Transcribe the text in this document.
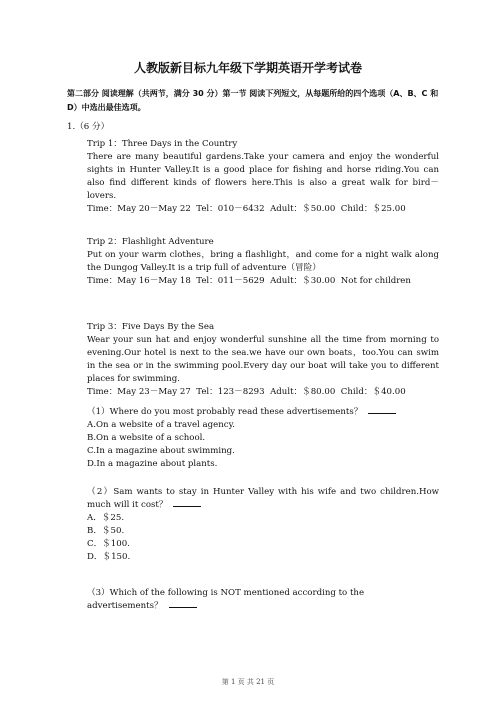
人教版新目标九年级下学期英语开学考试卷
第二部分 阅读理解（共两节，满分 30 分）第一节 阅读下列短文，从每题所给的四个选项（A、B、C 和 D）中选出最佳选项。
1.（6 分）

Trip 1：Three Days in the Country

There are many beautiful gardens.Take your camera and enjoy the wonderful sights in Hunter Valley.It is a good place for fishing and horse riding.You can also find different kinds of flowers here.This is also a great walk for bird－lovers.

Time：May 20－May 22  Tel：010－6432  Adult：＄50.00  Child：＄25.00

Trip 2：Flashlight Adventure

Put on your warm clothes，bring a flashlight，and come for a night walk along the Dungog Valley.It is a trip full of adventure（冒险）

Time：May 16－May 18  Tel：011－5629  Adult：＄30.00  Not for children

Trip 3：Five Days By the Sea

Wear your sun hat and enjoy wonderful sunshine all the time from morning to evening.Our hotel is next to the sea.we have our own boats，too.You can swim in the sea or in the swimming pool.Every day our boat will take you to different places for swimming.

Time：May 23－May 27  Tel：123－8293  Adult：＄80.00  Child：＄40.00

（1）Where do you most probably read these advertisements？

A.On a website of a travel agency.

B.On a website of a school.

C.In a magazine about swimming.

D.In a magazine about plants.

（2）Sam wants to stay in Hunter Valley with his wife and two children.How much will it cost？

A．＄25.

B．＄50.

C．＄100.

D．＄150.

（3）Which of the following is NOT mentioned according to the advertisements？

第 1 页 共 21 页
